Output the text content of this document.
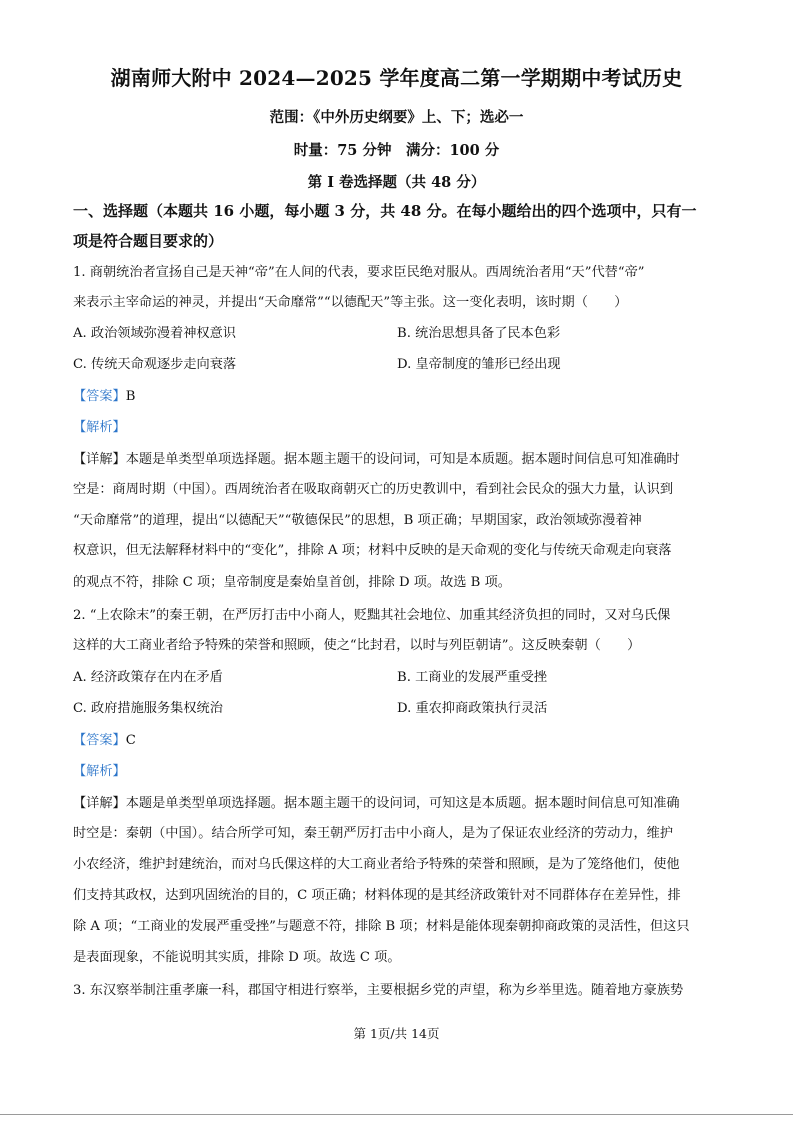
湖南师大附中 2024—2025 学年度高二第一学期期中考试历史
范围：《中外历史纲要》上、下；选必一
时量：75 分钟　满分：100 分
第 I 卷选择题（共 48 分）
一、选择题（本题共 16 小题，每小题 3 分，共 48 分。在每小题给出的四个选项中，只有一
项是符合题目要求的）
1. 商朝统治者宣扬自己是天神“帝”在人间的代表，要求臣民绝对服从。西周统治者用“天”代替“帝”
来表示主宰命运的神灵，并提出“天命靡常”“以德配天”等主张。这一变化表明，该时期（　　）
A. 政治领域弥漫着神权意识	B. 统治思想具备了民本色彩
C. 传统天命观逐步走向衰落	D. 皇帝制度的雏形已经出现
【答案】B
【解析】
【详解】本题是单类型单项选择题。据本题主题干的设问词，可知是本质题。据本题时间信息可知准确时
空是：商周时期（中国）。西周统治者在吸取商朝灭亡的历史教训中，看到社会民众的强大力量，认识到
“天命靡常”的道理，提出“以德配天”“敬德保民”的思想，B 项正确；早期国家，政治领域弥漫着神
权意识，但无法解释材料中的“变化”，排除 A 项；材料中反映的是天命观的变化与传统天命观走向衰落
的观点不符，排除 C 项；皇帝制度是秦始皇首创，排除 D 项。故选 B 项。
2. “上农除末”的秦王朝，在严厉打击中小商人，贬黜其社会地位、加重其经济负担的同时，又对乌氏倮
这样的大工商业者给予特殊的荣誉和照顾，使之“比封君，以时与列臣朝请”。这反映秦朝（　　）
A. 经济政策存在内在矛盾	B. 工商业的发展严重受挫
C. 政府措施服务集权统治	D. 重农抑商政策执行灵活
【答案】C
【解析】
【详解】本题是单类型单项选择题。据本题主题干的设问词，可知这是本质题。据本题时间信息可知准确
时空是：秦朝（中国）。结合所学可知，秦王朝严厉打击中小商人，是为了保证农业经济的劳动力，维护
小农经济，维护封建统治，而对乌氏倮这样的大工商业者给予特殊的荣誉和照顾，是为了笼络他们，使他
们支持其政权，达到巩固统治的目的，C 项正确；材料体现的是其经济政策针对不同群体存在差异性，排
除 A 项；“工商业的发展严重受挫”与题意不符，排除 B 项；材料是能体现秦朝抑商政策的灵活性，但这只
是表面现象，不能说明其实质，排除 D 项。故选 C 项。
3. 东汉察举制注重孝廉一科，郡国守相进行察举，主要根据乡党的声望，称为乡举里选。随着地方豪族势
第 1页/共 14页
